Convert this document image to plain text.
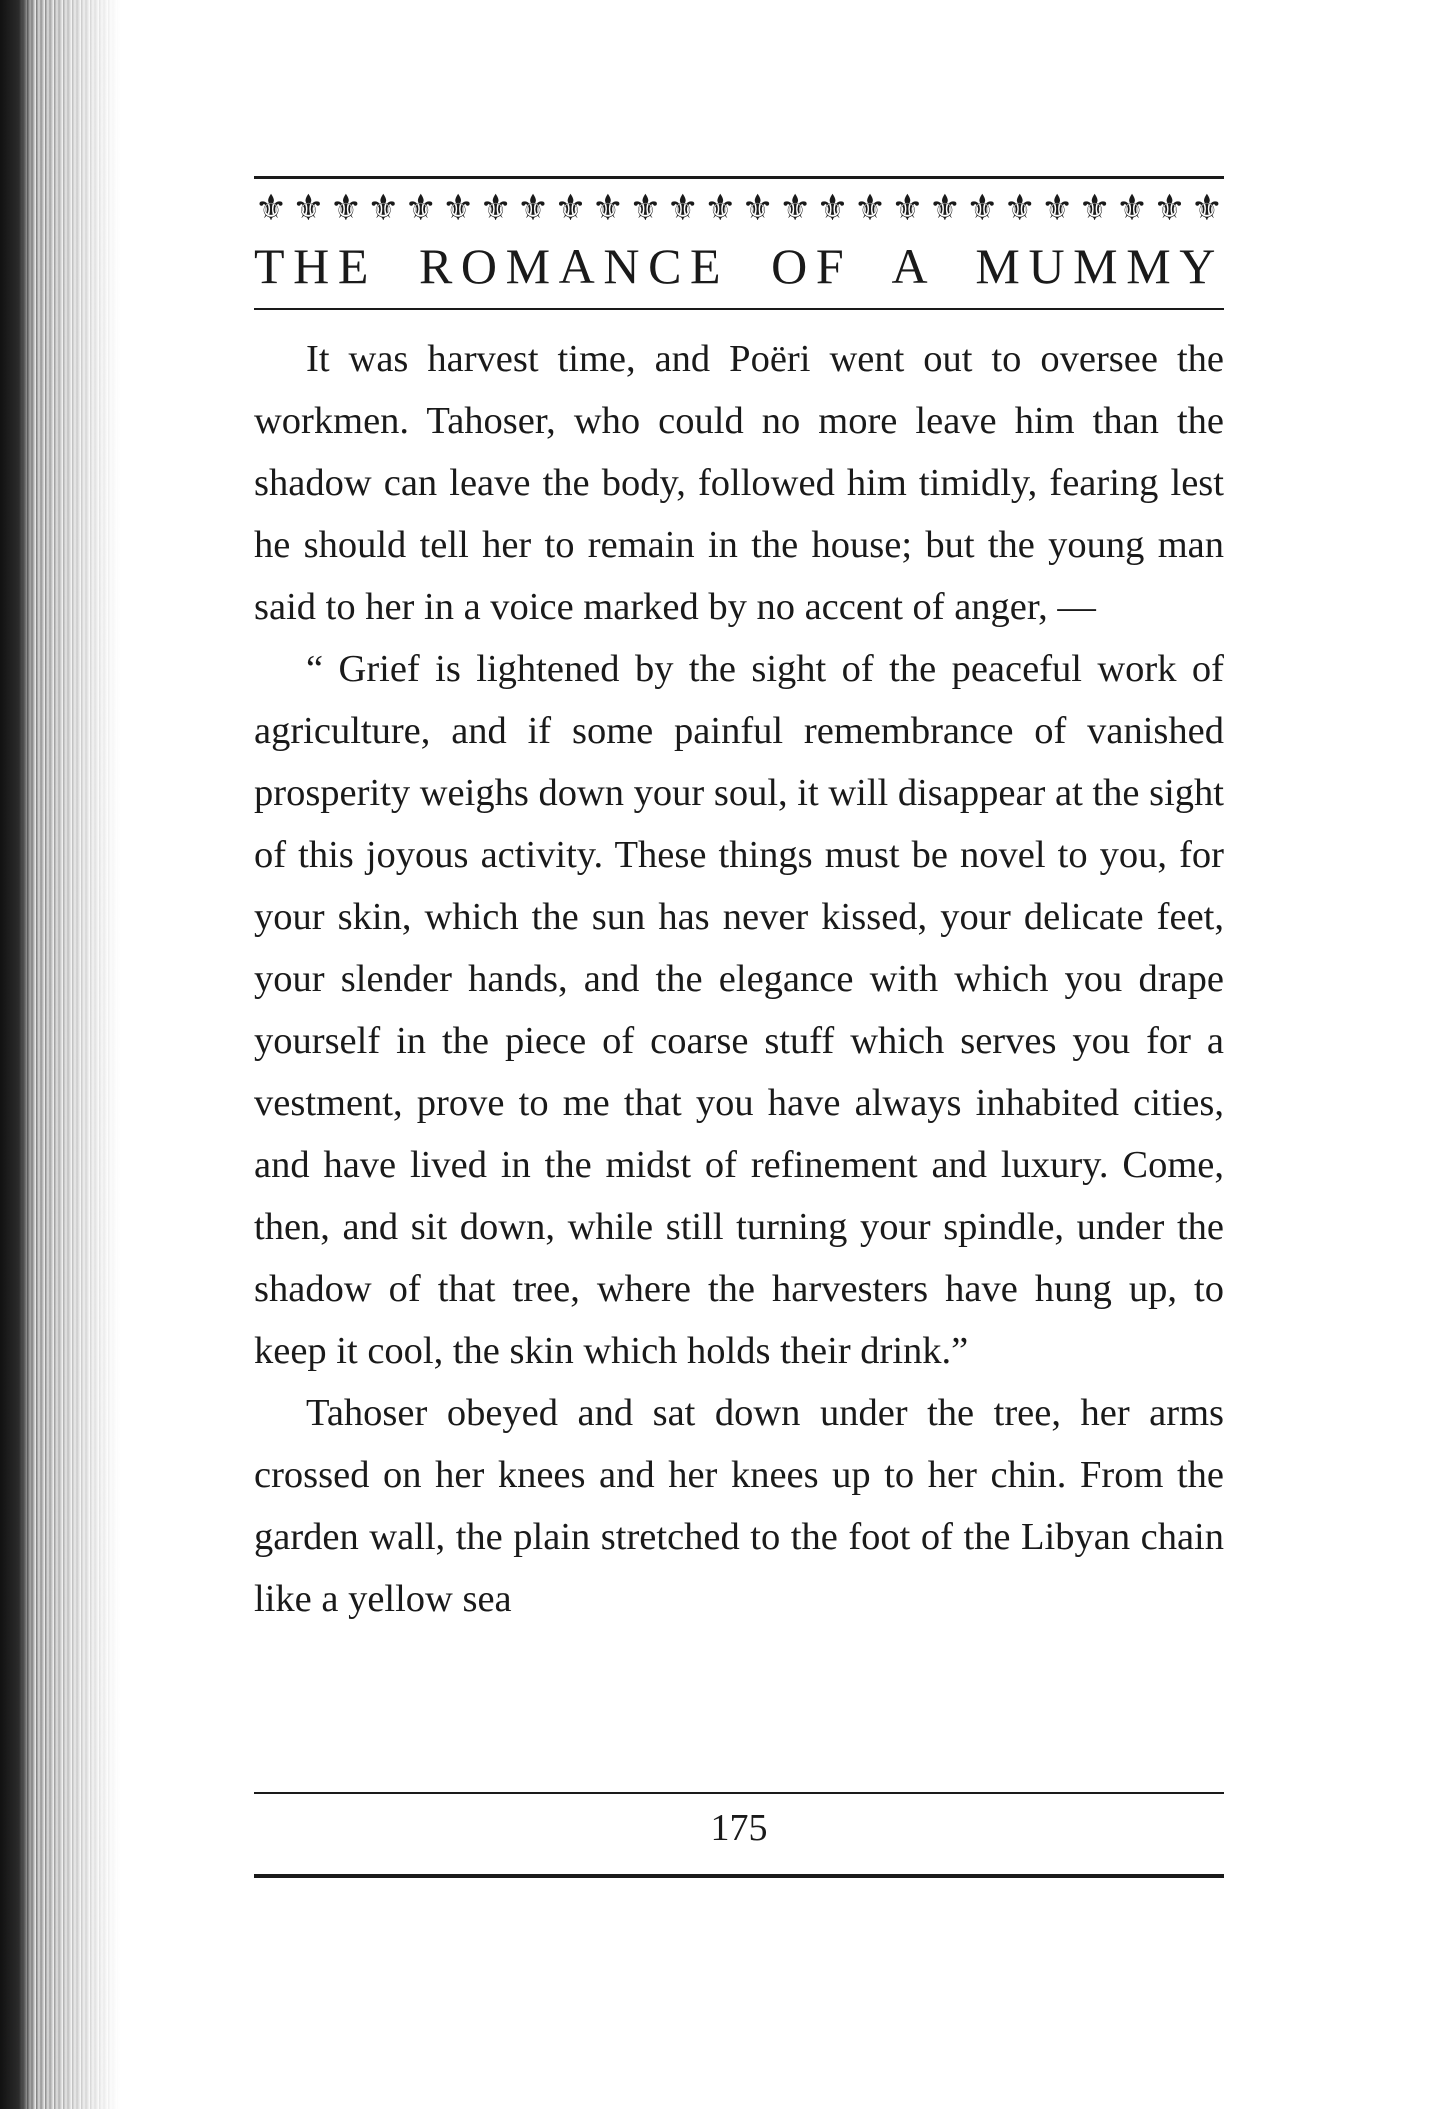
⚜ ⚜ ⚜ ⚜ ⚜ ⚜ ⚜ ⚜ ⚜ ⚜ ⚜ ⚜ ⚜ ⚜ ⚜ ⚜ ⚜ ⚜ ⚜ ⚜ ⚜ ⚜ ⚜ ⚜ ⚜ ⚜
THE ROMANCE OF A MUMMY

It was harvest time, and Poëri went out to oversee the workmen. Tahoser, who could no more leave him than the shadow can leave the body, followed him timidly, fearing lest he should tell her to remain in the house; but the young man said to her in a voice marked by no accent of anger, —

“ Grief is lightened by the sight of the peaceful work of agriculture, and if some painful remembrance of vanished prosperity weighs down your soul, it will disappear at the sight of this joyous activity. These things must be novel to you, for your skin, which the sun has never kissed, your delicate feet, your slender hands, and the elegance with which you drape yourself in the piece of coarse stuff which serves you for a vestment, prove to me that you have always inhabited cities, and have lived in the midst of refinement and luxury. Come, then, and sit down, while still turning your spindle, under the shadow of that tree, where the harvesters have hung up, to keep it cool, the skin which holds their drink.”

Tahoser obeyed and sat down under the tree, her arms crossed on her knees and her knees up to her chin. From the garden wall, the plain stretched to the foot of the Libyan chain like a yellow sea

175
